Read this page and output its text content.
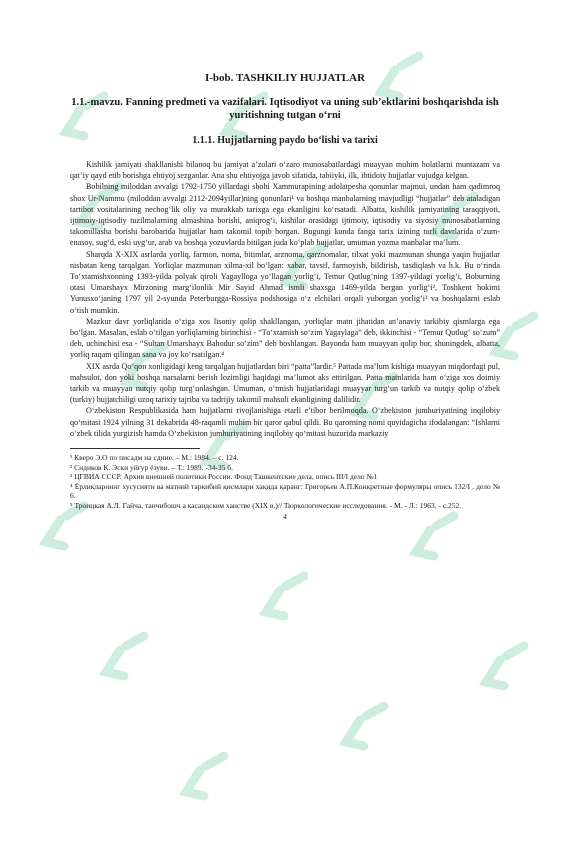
I-bob. TASHKILIY HUJJATLAR
1.1.-mavzu. Fanning predmeti va vazifalari. Iqtisodiyot va uning sub’ektlarini boshqarishda ish yuritishning tutgan o‘rni
1.1.1. Hujjatlarning paydo bo‘lishi va tarixi

Kishilik jamiyati shakllanishi bilanoq bu jamiyat a’zolari o‘zaro munosabatlardagi muayyan muhim holatlarni muntazam va qat’iy qayd etib borishga ehtiyoj sezganlar. Ana shu ehtiyojga javob sifatida, tabiiyki, ilk, ibtidoiy hujjatlar vujudga kelgan.

Bobilning miloddan avvalgi 1792-1750 yillardagi shohi Xammurapining adolatpesha qonunlar majmui, undan ham qadimroq shox Ur-Nammu (miloddan avvalgi 2112-2094yillar)ning qonunlari¹ va boshqa manbalarning mavjudligi “hujjatlar” deb ataladigan tartibot vositalarining nechog‘lik oliy va murakkab tarixga ega ekanligini ko‘rsatadi. Albatta, kishilik jamiyatining taraqqiyoti, ijtimoiy-iqtisodiy tuzilmalarning almashina borishi, aniqrog‘i, kishilar orasidagi ijtimoiy, iqtisodiy va siyosiy munosabatlarning takomillasha borishi barobarida hujjatlar ham takomil topib borgan. Bugungi kunda fanga tarix izining turli davrlarida o‘zum-enasoy, sug‘d, eski uyg‘ur, arab va boshqa yozuvlarda bitilgan juda ko‘plab hujjatlar, umuman yozma manbalar ma’lum.

Sharqda X-XIX asrlarda yorliq, farmon, noma, bitimlar, arznoma, qarznomalar, tilxat yoki mazmunan shunga yaqin hujjatlar nisbatan keng tarqalgan. Yorliqlar mazmunan xilma-xil bo‘lgan: xabar, tavsif, farmoyish, bildirish, tasdiqlash va h.k. Bu o‘rinda To‘xtamishxonning 1393-yilda polyak qiroli Yagaylloga yo‘llagan yorlig‘i, Temur Qutlug‘ning 1397-yildagi yorlig‘i, Boburning otasi Umarshayx Mirzoning marg‘ilonlik Mir Sayid Ahmad ismli shaxsga 1469-yilda bergan yorlig‘i², Toshkent hokimi Yunusxo‘janing 1797 yil 2-syunda Peterburgga-Rossiya podshosiga o‘z elchilari orqali yuborgan yorlig‘i³ va boshqalarni eslab o‘tish mumkin.

Mazkur davr yorliqlarida o‘ziga xos lisoniy qolip shakllangan, yorliqlar matn jihatidan an’anaviy tarkibiy qismlarga ega bo‘lgan. Masalan, eslab o‘tilgan yorliqlarning birinchisi - “To‘xtamish so‘zim Yagaylaga” deb, ikkinchisi - “Temur Qutlug‘ so‘zum” deb, uchinchisi esa - “Sultan Umarshayx Bahodur so‘zim” deb boshlangan. Bayonda ham muayyan qolip bor, shuningdek, albatta, yorliq raqam qilingan sana va joy ko‘rsatilgan.⁴

XIX asrda Qo‘qon xonligidagi keng tarqalgan hujjatlardan biri “patta”lardir.⁵ Pattada ma’lum kishiga muayyan miqdordagi pul, mahsulot, don yoki boshqa narsalarni berish lozimligi haqidagi ma’lumot aks ettirilgan. Patta matnlarida ham o‘ziga xos doimiy tarkib va muayyan nutqiy qolip turg‘unlashgan. Umuman, o‘tmish hujjatlaridagi muayyar turg‘un tarkib va nutqiy qolip o‘zbek (turkiy) hujjatchiligi uzoq tarixiy tajriba va tadrijiy takomil mahsuli ekanligining dalilidir.

O‘zbekiston Respublikasida ham hujjatlarni rivojlanishiga etarli e’tibor berilmoqda. O‘zbekiston jumhuriyatining inqilobiy qo‘mitasi 1924 yilning 31 dekabrida 48-raqamli muhim bir qaror qabul qildi. Bu qarorning nomi quyidagicha ifodalangan: “Ishlarni o‘zbek tilida yurgizish hamda O‘zbekiston jumhuriyatining inqilobiy qo‘mitasi huzurida markaziy

¹ Кверо Э.О по писадм на сдние. – М.: 1984. – с. 124.

² Сидиков К. Эски уйғур ёзуви. – Т.: 1989. -34-35 б.

³ ЦГВИА СССР. Архив внешней политики России. Фонд Ташкентские дела, опись III/I дело №1

⁴ Ёрлиқларнинг хусусияти ва матний таркибий қисмлари хақида қаранг: Григорьев А.П.Конкретные формуляры опись 132/I . дело № 6.

⁵ Троицкая А.Л. Гайча, танчибошч а касандском ханстве (XIX в.)// Тюркологические исследования. - М. - Л.: 1963. - с.252.

4
